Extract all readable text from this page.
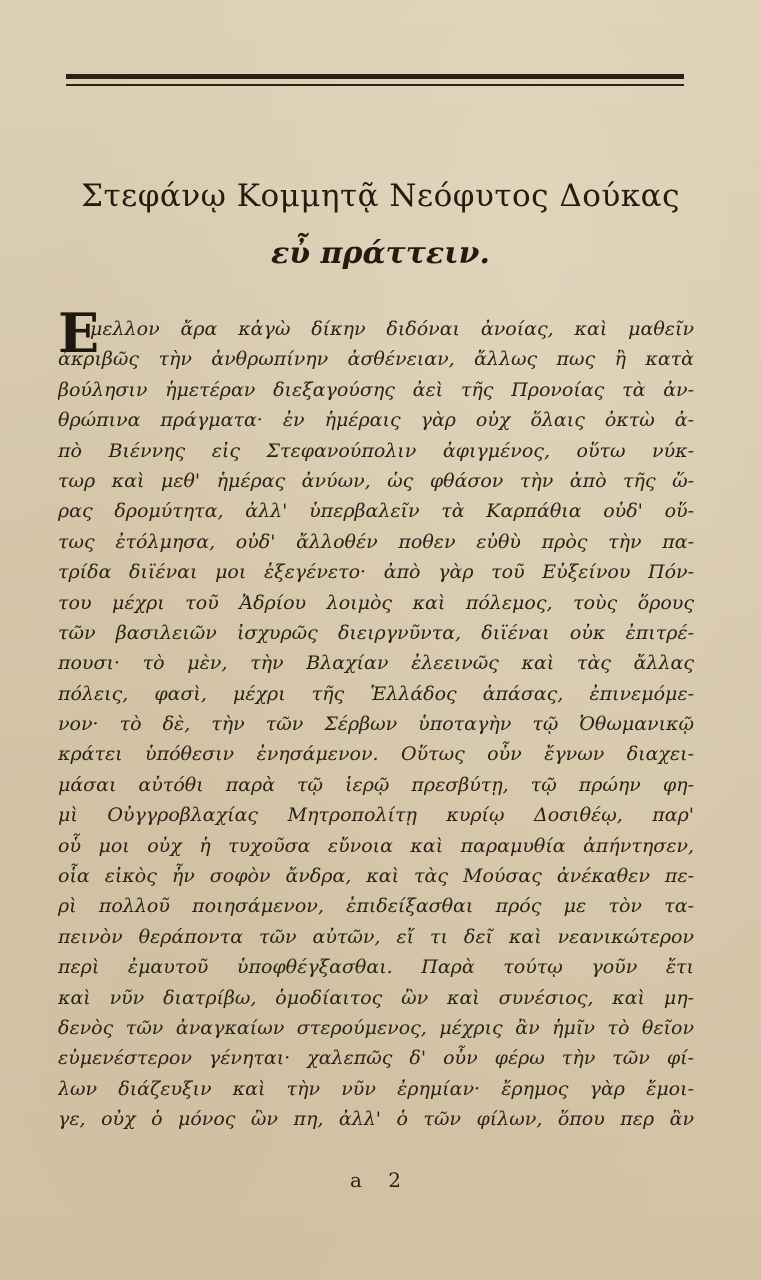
Στεφάνῳ Κομμητᾷ Νεόφυτος Δούκας
εὖ πράττειν.
E
μελλον ἄρα κἀγὼ δίκην διδόναι ἀνοίας, καὶ μαθεῖν
ἀκριβῶς τὴν ἀνθρωπίνην ἀσθένειαν, ἄλλως πως ἢ κατὰ
βούλησιν ἡμετέραν διεξαγούσης ἀεὶ τῆς Προνοίας τὰ ἀν-
θρώπινα πράγματα· ἐν ἡμέραις γὰρ οὐχ ὅλαις ὀκτὼ ἀ-
πὸ Βιέννης εἰς Στεφανούπολιν ἀφιγμένος, οὕτω νύκ-
τωρ καὶ μεθ' ἡμέρας ἀνύων, ὡς φθάσον τὴν ἀπὸ τῆς ὥ-
ρας δρομύτητα, ἀλλ' ὑπερβαλεῖν τὰ Καρπάθια οὐδ' οὕ-
τως ἐτόλμησα, οὐδ' ἄλλοθέν ποθεν εὐθὺ πρὸς τὴν πα-
τρίδα διϊέναι μοι ἐξεγένετο· ἀπὸ γὰρ τοῦ Εὐξείνου Πόν-
του μέχρι τοῦ Ἀδρίου λοιμὸς καὶ πόλεμος, τοὺς ὅρους
τῶν βασιλειῶν ἰσχυρῶς διειργνῦντα, διϊέναι οὐκ ἐπιτρέ-
πουσι· τὸ μὲν, τὴν Βλαχίαν ἐλεεινῶς καὶ τὰς ἄλλας
πόλεις, φασὶ, μέχρι τῆς Ἑλλάδος ἁπάσας, ἐπινεμόμε-
νον· τὸ δὲ, τὴν τῶν Σέρβων ὑποταγὴν τῷ Ὀθωμανικῷ
κράτει ὑπόθεσιν ἐνησάμενον. Οὕτως οὖν ἔγνων διαχει-
μάσαι αὐτόθι παρὰ τῷ ἱερῷ πρεσβύτῃ, τῷ πρώην φη-
μὶ Οὐγγροβλαχίας Μητροπολίτῃ κυρίῳ Δοσιθέῳ, παρ'
οὗ μοι οὐχ ἡ τυχοῦσα εὔνοια καὶ παραμυθία ἀπήντησεν,
οἷα εἰκὸς ἦν σοφὸν ἄνδρα, καὶ τὰς Μούσας ἀνέκαθεν πε-
ρὶ πολλοῦ ποιησάμενον, ἐπιδείξασθαι πρός με τὸν τα-
πεινὸν θεράποντα τῶν αὐτῶν, εἴ τι δεῖ καὶ νεανικώτερον
περὶ ἐμαυτοῦ ὑποφθέγξασθαι. Παρὰ τούτῳ γοῦν ἔτι
καὶ νῦν διατρίβω, ὁμοδίαιτος ὢν καὶ συνέσιος, καὶ μη-
δενὸς τῶν ἀναγκαίων στερούμενος, μέχρις ἂν ἡμῖν τὸ θεῖον
εὐμενέστερον γένηται· χαλεπῶς δ' οὖν φέρω τὴν τῶν φί-
λων διάζευξιν καὶ τὴν νῦν ἐρημίαν· ἔρημος γὰρ ἔμοι-
γε, οὐχ ὁ μόνος ὢν πη, ἀλλ' ὁ τῶν φίλων, ὅπου περ ἂν
a 2
